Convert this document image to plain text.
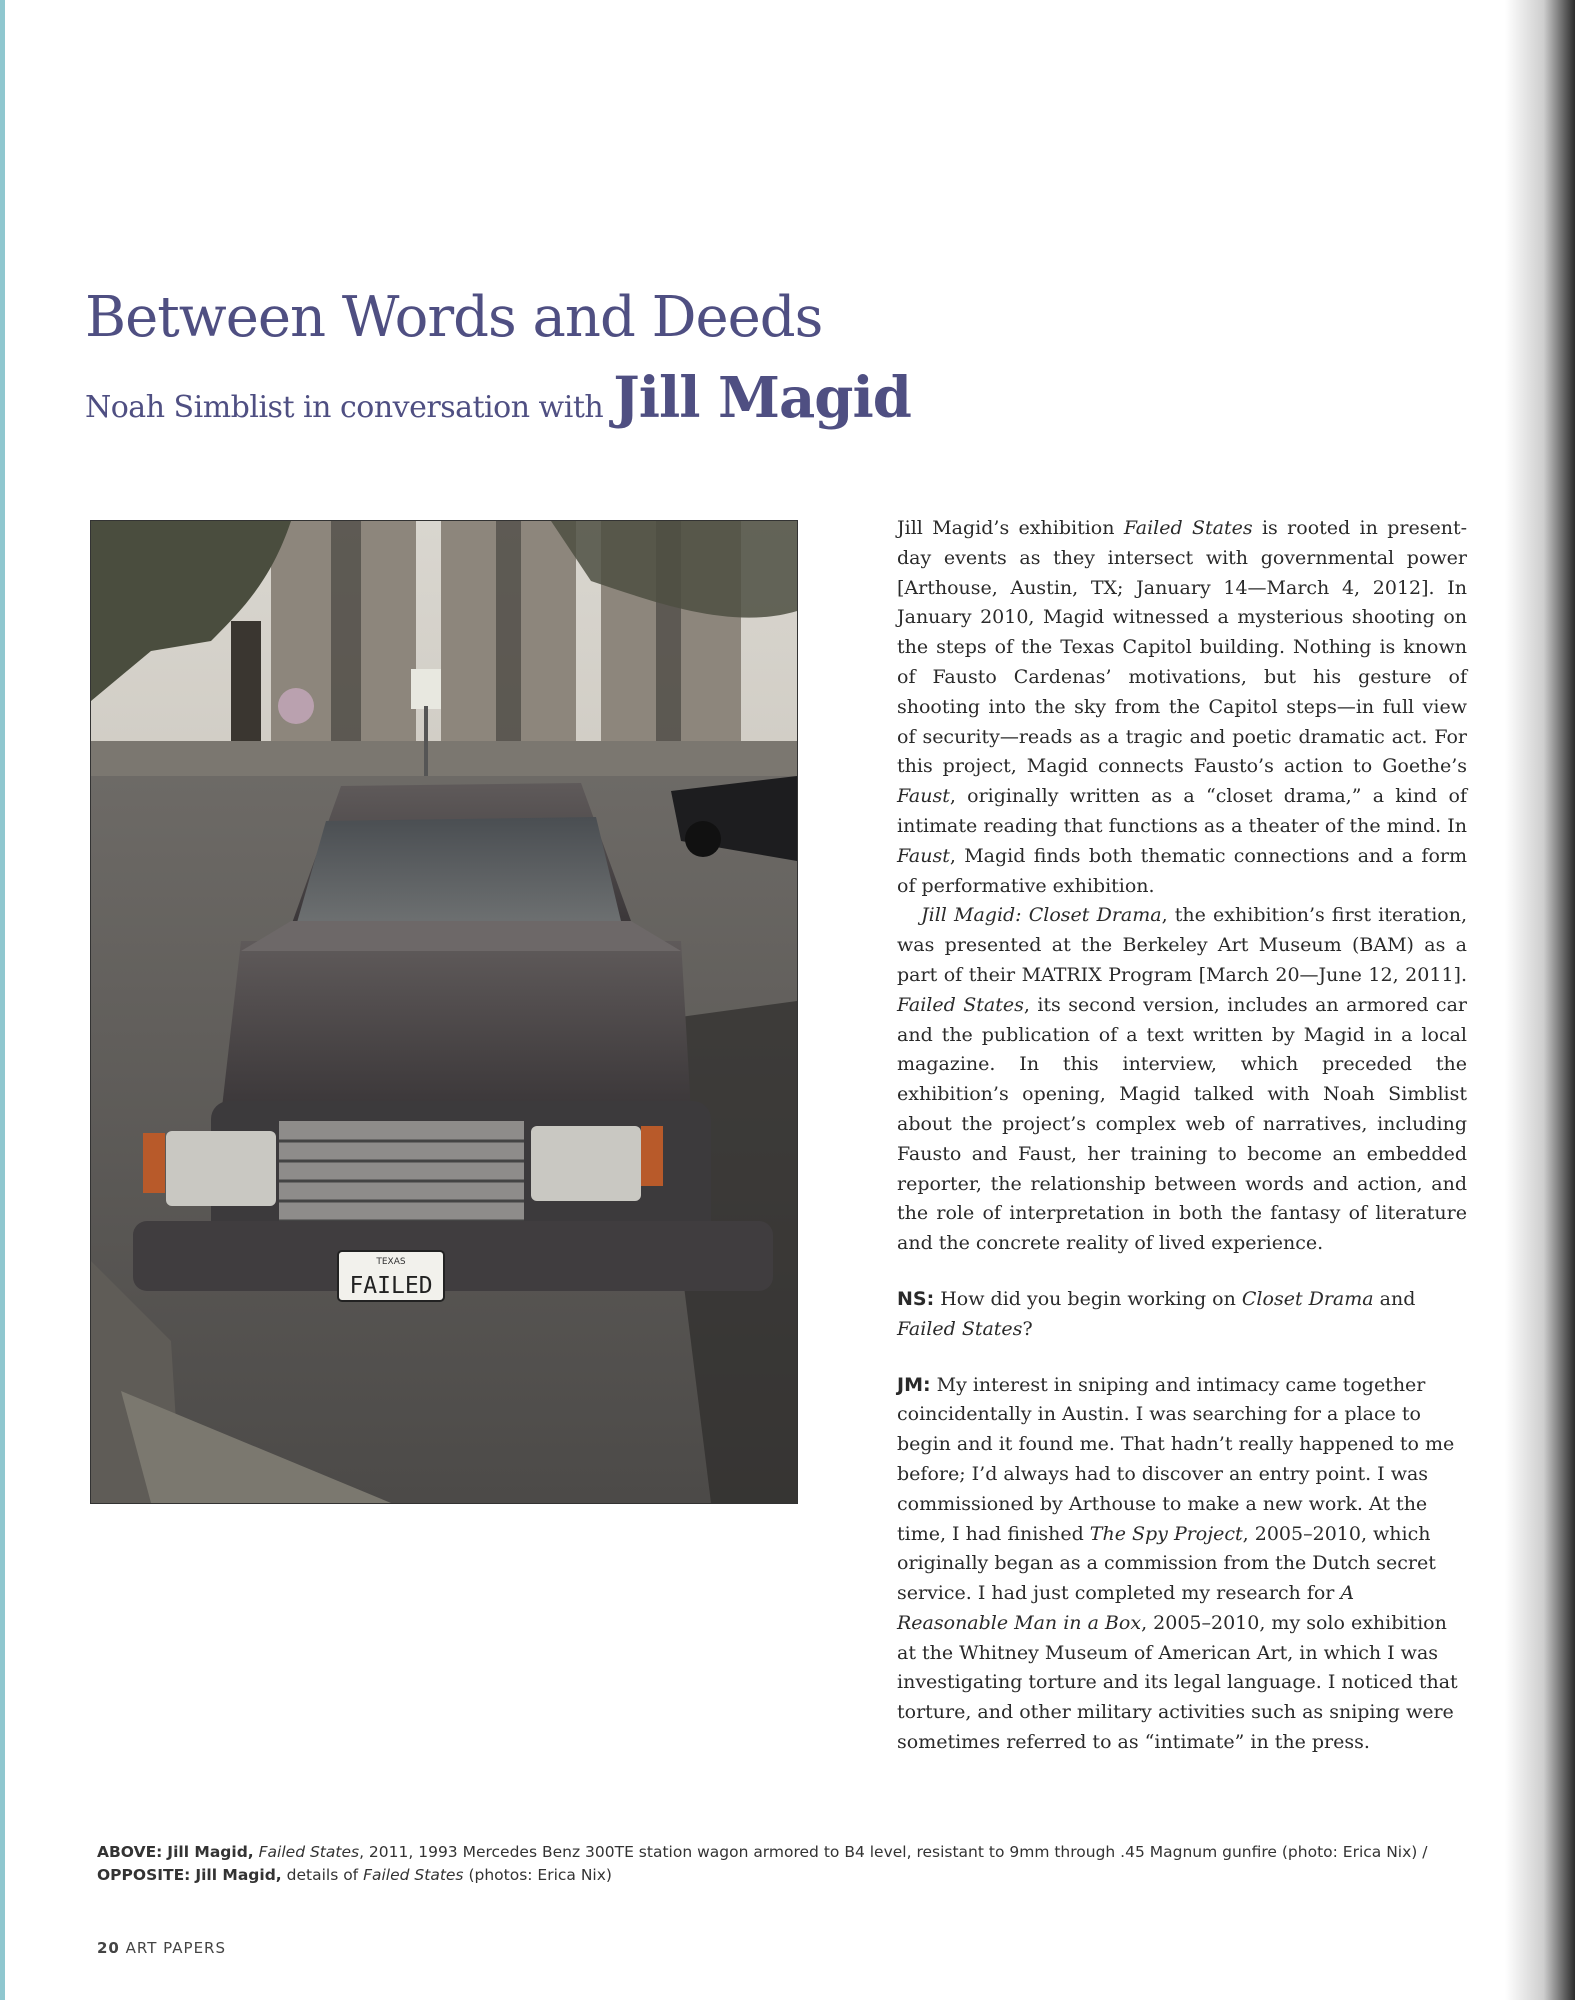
Between Words and Deeds
Noah Simblist in conversation with Jill Magid
TEXAS
FAILED

Jill Magid’s exhibition Failed States is rooted in present-day events as they intersect with governmental power [Arthouse, Austin, TX; January 14—March 4, 2012]. In January 2010, Magid witnessed a mysterious shooting on the steps of the Texas Capitol building. Nothing is known of Fausto Cardenas’ motivations, but his gesture of shooting into the sky from the Capitol steps—in full view of security—reads as a tragic and poetic dramatic act. For this project, Magid connects Fausto’s action to Goethe’s Faust, originally written as a “closet drama,” a kind of intimate reading that functions as a theater of the mind. In Faust, Magid finds both thematic connections and a form of performative exhibition.

Jill Magid: Closet Drama, the exhibition’s first iteration, was presented at the Berkeley Art Museum (BAM) as a part of their MATRIX Program [March 20—June 12, 2011]. Failed States, its second version, includes an armored car and the publication of a text written by Magid in a local magazine. In this interview, which preceded the exhibition’s opening, Magid talked with Noah Simblist about the project’s complex web of narratives, including Fausto and Faust, her training to become an embedded reporter, the relationship between words and action, and the role of interpretation in both the fantasy of literature and the concrete reality of lived experience.

NS: How did you begin working on Closet Drama and Failed States?

JM: My interest in sniping and intimacy came together coincidentally in Austin. I was searching for a place to begin and it found me. That hadn’t really happened to me before; I’d always had to discover an entry point. I was commissioned by Arthouse to make a new work. At the time, I had finished The Spy Project, 2005–2010, which originally began as a commission from the Dutch secret service. I had just completed my research for A Reasonable Man in a Box, 2005–2010, my solo exhibition at the Whitney Museum of American Art, in which I was investigating torture and its legal language. I noticed that torture, and other military activities such as sniping were sometimes referred to as “intimate” in the press.

ABOVE: Jill Magid, Failed States, 2011, 1993 Mercedes Benz 300TE station wagon armored to B4 level, resistant to 9mm through .45 Magnum gunfire (photo: Erica Nix) /
OPPOSITE: Jill Magid, details of Failed States (photos: Erica Nix)
20 ART PAPERS
